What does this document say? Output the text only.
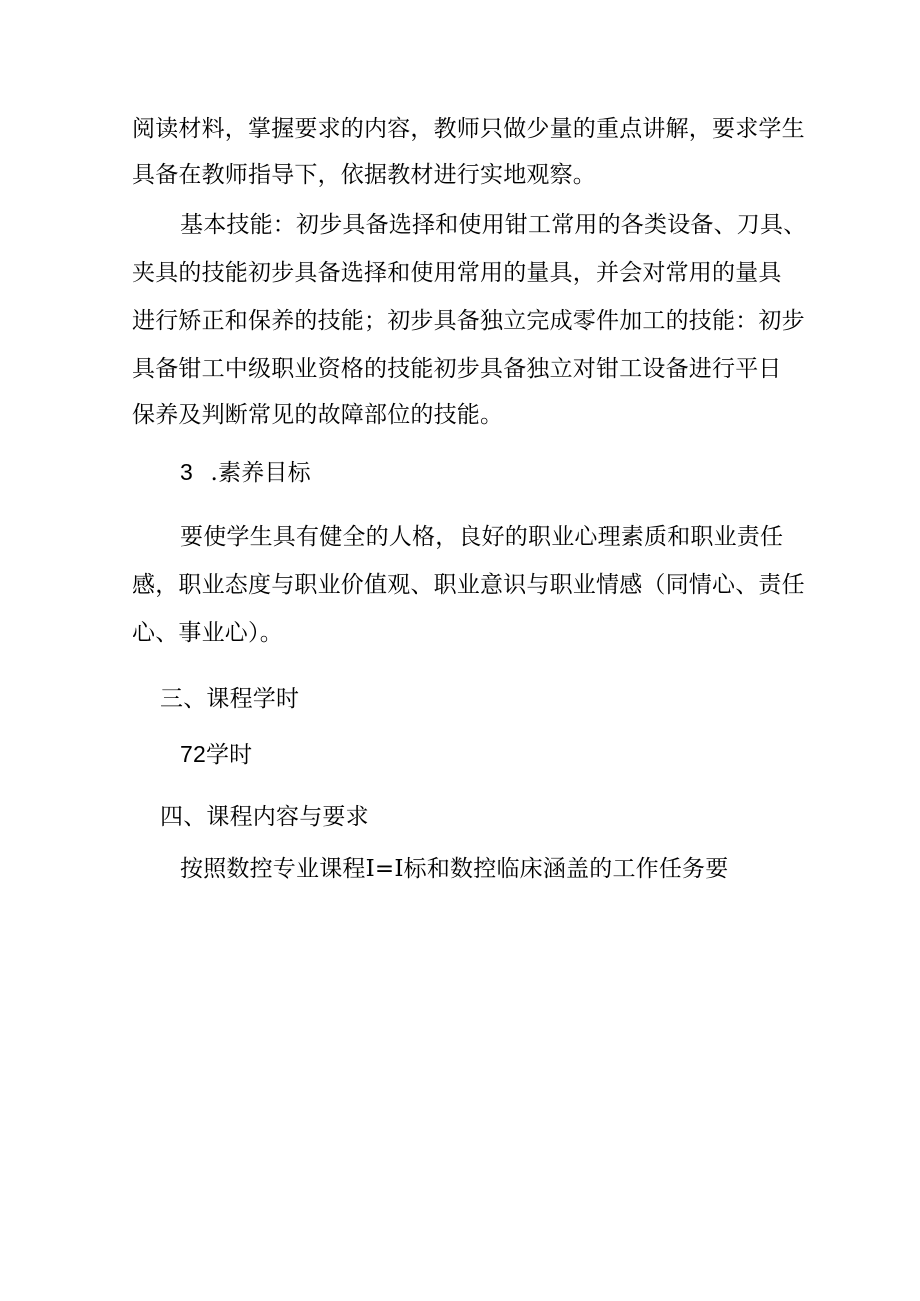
阅读材料，掌握要求的内容，教师只做少量的重点讲解，要求学生
具备在教师指导下，依据教材进行实地观察。
基本技能：初步具备选择和使用钳工常用的各类设备、刀具、
夹具的技能初步具备选择和使用常用的量具，并会对常用的量具
进行矫正和保养的技能；初步具备独立完成零件加工的技能：初步
具备钳工中级职业资格的技能初步具备独立对钳工设备进行平日
保养及判断常见的故障部位的技能。
3 .素养目标
要使学生具有健全的人格，良好的职业心理素质和职业责任
感，职业态度与职业价值观、职业意识与职业情感（同情心、责任
心、事业心）。
三、课程学时
72学时
四、课程内容与要求
按照数控专业课程I=I标和数控临床涵盖的工作任务要
